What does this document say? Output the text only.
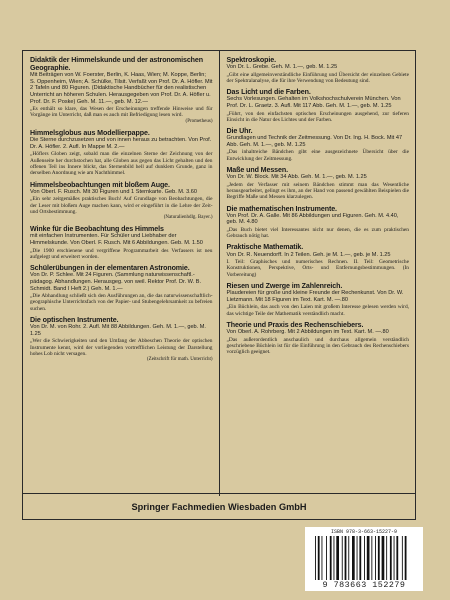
Didaktik der Himmelskunde und der astronomischen Geographie.
Mit Beiträgen von W. Foerster, Berlin, K. Haas, Wien; M. Koppe, Berlin; S. Oppenheim, Wien; A. Schülke, Tilsit. Verfaßt von Prof. Dr. A. Höfler. Mit 2 Tafeln und 80 Figuren. (Didaktische Handbücher für den realistischen Unterricht an höheren Schulen. Herausgegeben von Prof. Dr. A. Höfler u. Prof. Dr. F. Poske) Geh. M. 11.—, geb. M. 12.—
„Es enthält so klare, das Wesen der Erscheinungen treffende Hinweise und für Vorgänge im Unterricht, daß man es auch mit Befriedigung lesen wird.
(Prometheus)
Himmelsglobus aus Modellierpappe.
Die Sterne durchzusetzen und von innen heraus zu betrachten. Von Prof. Dr. A. Höfler. 2. Aufl. In Mappe M. 2.—
„Höflers Globen zeigt, sobald man die einzelnen Sterne der Zeichnung von der Außenseite her durchstochen hat, alle Globen aus gegen das Licht gehalten und den offenen Teil ins Innere blickt, das Sternenbild hell auf dunklem Grunde, ganz in derselben Anordnung wie am Nachthimmel.
Himmelsbeobachtungen mit bloßem Auge.
Von Oberl. F. Rusch. Mit 30 Figuren und 1 Sternkarte. Geb. M. 3.60
„Ein sehr zeitgemäßes praktisches Buch! Auf Grundlage von Beobachtungen, die der Leser mit bloßem Auge machen kann, wird er eingeführt in die Lehre der Zeit- und Ortsbestimmung.
(Naturalienhdlg. Bayer.)
Winke für die Beobachtung des Himmels
mit einfachen Instrumenten. Für Schüler und Liebhaber der Himmelskunde. Von Oberl. F. Rusch. Mit 6 Abbildungen. Geb. M. 1.50
„Die 1900 erschienene und vergriffene Programmarbeit des Verfassers ist neu aufgelegt und erweitert worden.
Schülerübungen in der elementaren Astronomie.
Von Dr. P. Schlee. Mit 24 Figuren. (Sammlung naturwissenschaftl.-pädagog. Abhandlungen. Herausgeg. von weil. Rektor Prof. Dr. W. B. Schmidt. Band I Heft 2.) Geh. M. 1.—
„Die Abhandlung schließt sich den Ausführungen an, die das naturwissenschaftlich-geographische Unterrichtsfach von der Papier- und Stubengelehrsamkeit zu befreien suchen.
Die optischen Instrumente.
Von Dr. M. von Rohr. 2. Aufl. Mit 88 Abbildungen. Geh. M. 1.—, geb. M. 1.25
„Wer die Schwierigkeiten und den Umfang der Abbeschen Theorie der optischen Instrumente kennt, wird der vorliegenden vortrefflichen Leistung der Darstellung hohes Lob nicht versagen.
(Zeitschrift für math. Unterricht)
Spektroskopie.
Von Dr. L. Grebe. Geh. M. 1.—, geb. M. 1.25
„Gibt eine allgemeinverständliche Einführung und Übersicht der einzelnen Gebiete der Spektralanalyse, die für ihre Verwendung von Bedeutung sind.
Das Licht und die Farben.
Sechs Vorlesungen. Gehalten im Volkshochschulverein München. Von Prof. Dr. L. Graetz. 3. Aufl. Mit 117 Abb. Geh. M. 1.—, geb. M. 1.25
„Führt, von den einfachsten optischen Erscheinungen ausgehend, zur tieferen Einsicht in die Natur des Lichtes und der Farben.
Die Uhr.
Grundlagen und Technik der Zeitmessung. Von Dr. Ing. H. Bock. Mit 47 Abb. Geh. M. 1.—, geb. M. 1.25
„Das inhaltreiche Bändchen gibt eine ausgezeichnete Übersicht über die Entwicklung der Zeitmessung.
Maße und Messen.
Von Dr. W. Block. Mit 34 Abb. Geh. M. 1.—, geb. M. 1.25
„Jedem der Verfasser mit seinem Bändchen stimmt man das Wesentliche herausgearbeitet, gelingt es ihm, an der Hand von passend gewählten Beispielen die Begriffe Maße und Messen klarzulegen.
Die mathematischen Instrumente.
Von Prof. Dr. A. Galle. Mit 86 Abbildungen und Figuren. Geh. M. 4.40, geb. M. 4.80
„Das Buch bietet viel Interessantes nicht nur denen, die es zum praktischen Gebrauch nötig hat.
Praktische Mathematik.
Von Dr. R. Neuendorff. In 2 Teilen. Geh. je M. 1.—, geb. je M. 1.25
I. Teil: Graphisches und numerisches Rechnen. II. Teil: Geometrische Konstruktionen, Perspektive, Orts- und Entfernungsbestimmungen. (In Vorbereitung)
Riesen und Zwerge im Zahlenreich.
Plaudereien für große und kleine Freunde der Rechenkunst. Von Dr. W. Lietzmann. Mit 18 Figuren im Text. Kart. M. —.80
„Ein Büchlein, das auch von den Laien mit großem Interesse gelesen werden wird, das wichtige Teile der Mathematik verständlich macht.
Theorie und Praxis des Rechenschiebers.
Von Oberl. A. Rohrberg. Mit 2 Abbildungen im Text. Kart. M. —.80
„Das außerordentlich anschaulich und durchaus allgemein verständlich geschriebene Büchlein ist für die Einführung in den Gebrauch des Rechenschiebers vorzüglich geeignet.
Springer Fachmedien Wiesbaden GmbH
ISBN 978-3-663-15227-9
9 783663 152279
